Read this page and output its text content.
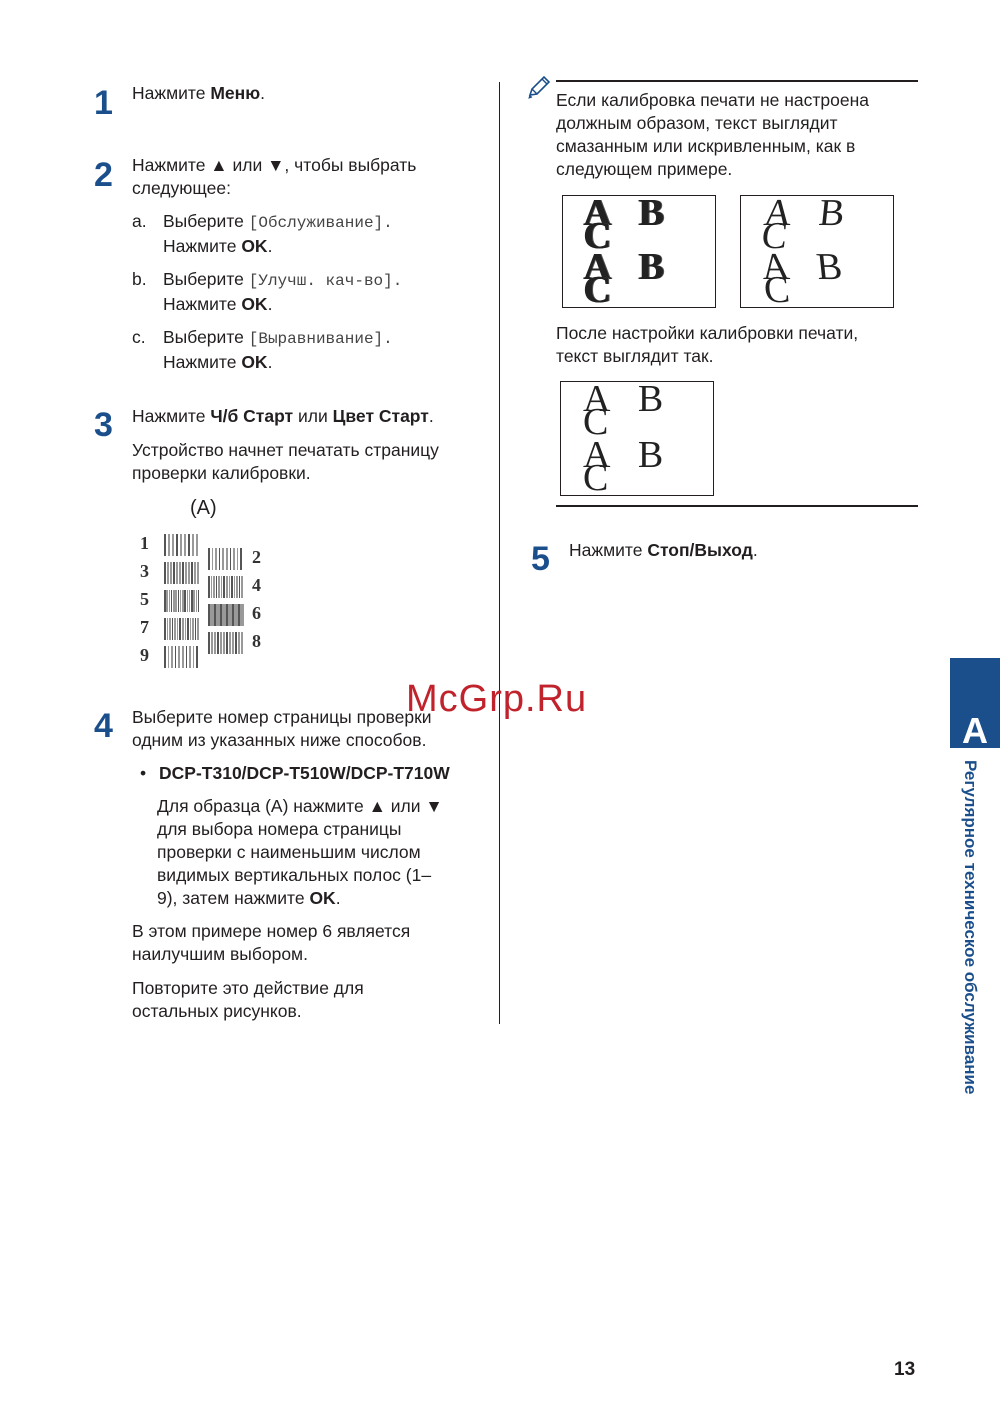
1 Нажмите Меню.
2 Нажмите ▲ или ▼, чтобы выбрать
следующее:
a. Выберите [Обслуживание].
Нажмите OK.
b. Выберите [Улучш. кач-во].
Нажмите OK.
c. Выберите [Выравнивание].
Нажмите OK.
3 Нажмите Ч/б Старт или Цвет Старт.
Устройство начнет печатать страницу
проверки калибровки.
(A)
1
2
3
4
5
6
7
8
9
4 Выберите номер страницы проверки
одним из указанных ниже способов.
• DCP-T310/DCP-T510W/DCP-T710W
Для образца (A) нажмите ▲ или ▼
для выбора номера страницы
проверки с наименьшим числом
видимых вертикальных полос (1–
9), затем нажмите OK.
В этом примере номер 6 является
наилучшим выбором.
Повторите это действие для
остальных рисунков.
Если калибровка печати не настроена
должным образом, текст выглядит
смазанным или искривленным, как в
следующем примере.
A B C
A B C
A B C
A B C
После настройки калибровки печати,
текст выглядит так.
A B C
A B C
5 Нажмите Стоп/Выход.
McGrp.Ru
A
Регулярное техническое обслуживание
13
